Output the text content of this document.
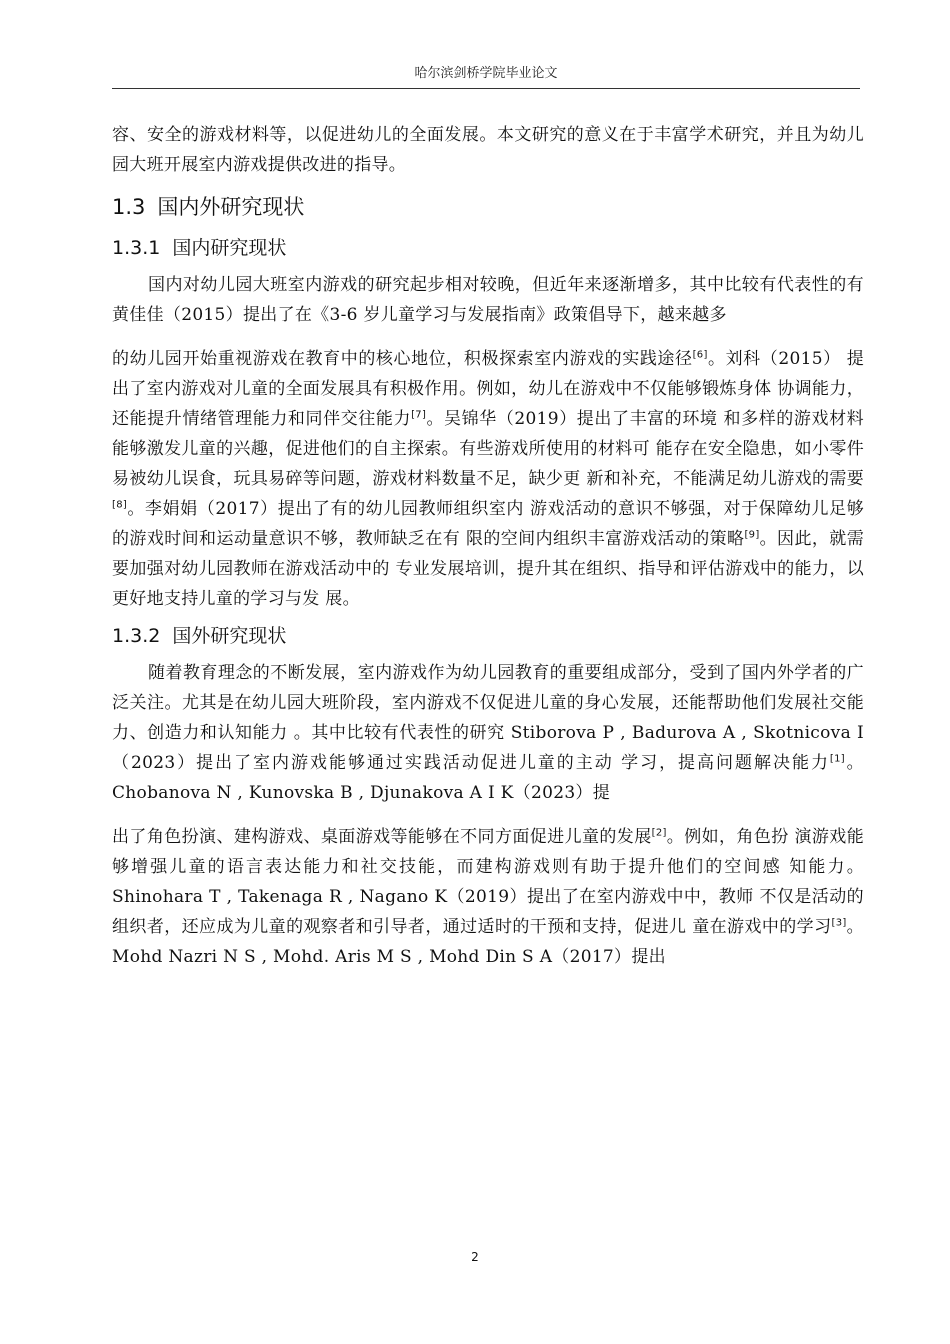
哈尔滨剑桥学院毕业论文

容、安全的游戏材料等，以促进幼儿的全面发展。本文研究的意义在于丰富学术研究，并且为幼儿园大班开展室内游戏提供改进的指导。

1.3 国内外研究现状
1.3.1 国内研究现状

国内对幼儿园大班室内游戏的研究起步相对较晚，但近年来逐渐增多，其中比较有代表性的有黄佳佳（2015）提出了在《3-6 岁儿童学习与发展指南》政策倡导下，越来越多

的幼儿园开始重视游戏在教育中的核心地位，积极探索室内游戏的实践途径[6]。刘科（2015） 提出了室内游戏对儿童的全面发展具有积极作用。例如，幼儿在游戏中不仅能够锻炼身体 协调能力，还能提升情绪管理能力和同伴交往能力[7]。吴锦华（2019）提出了丰富的环境 和多样的游戏材料能够激发儿童的兴趣，促进他们的自主探索。有些游戏所使用的材料可 能存在安全隐患，如小零件易被幼儿误食，玩具易碎等问题，游戏材料数量不足，缺少更 新和补充，不能满足幼儿游戏的需要[8]。李娟娟（2017）提出了有的幼儿园教师组织室内 游戏活动的意识不够强，对于保障幼儿足够的游戏时间和运动量意识不够，教师缺乏在有 限的空间内组织丰富游戏活动的策略[9]。因此，就需要加强对幼儿园教师在游戏活动中的 专业发展培训，提升其在组织、指导和评估游戏中的能力，以更好地支持儿童的学习与发 展。

1.3.2 国外研究现状

随着教育理念的不断发展，室内游戏作为幼儿园教育的重要组成部分，受到了国内外学者的广泛关注。尤其是在幼儿园大班阶段，室内游戏不仅促进儿童的身心发展，还能帮助他们发展社交能力、创造力和认知能力 。其中比较有代表性的研究 Stiborova P , Badurova A , Skotnicova I（2023）提出了室内游戏能够通过实践活动促进儿童的主动 学习，提高问题解决能力[1]。Chobanova N , Kunovska B , Djunakova A I K（2023）提

出了角色扮演、建构游戏、桌面游戏等能够在不同方面促进儿童的发展[2]。例如，角色扮 演游戏能够增强儿童的语言表达能力和社交技能，而建构游戏则有助于提升他们的空间感 知能力。Shinohara T , Takenaga R , Nagano K（2019）提出了在室内游戏中中，教师 不仅是活动的组织者，还应成为儿童的观察者和引导者，通过适时的干预和支持，促进儿 童在游戏中的学习[3]。Mohd Nazri N S , Mohd. Aris M S , Mohd Din S A（2017）提出

2
